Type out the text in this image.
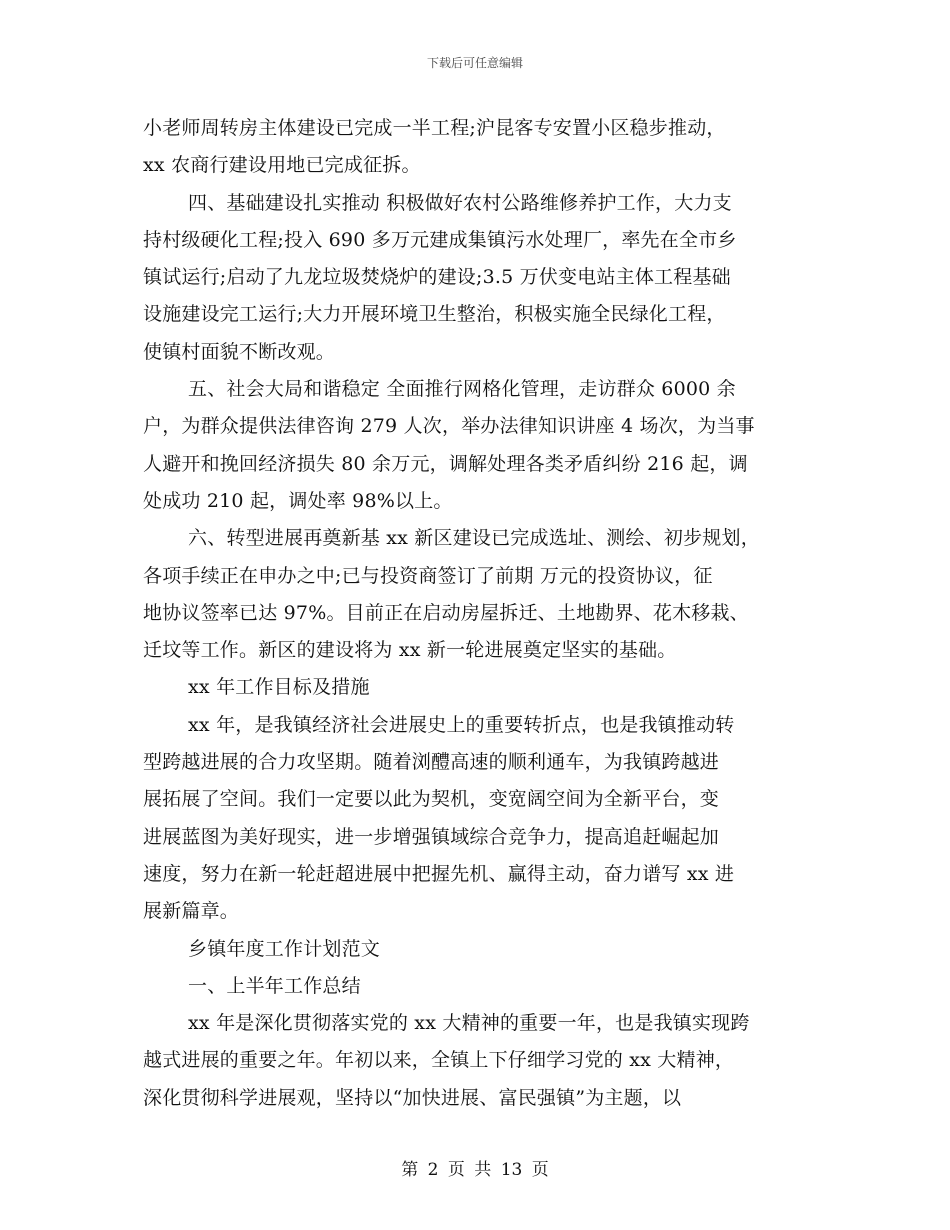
下载后可任意编辑
小老师周转房主体建设已完成一半工程;沪昆客专安置小区稳步推动，
xx 农商行建设用地已完成征拆。
四、基础建设扎实推动 积极做好农村公路维修养护工作，大力支
持村级硬化工程;投入 690 多万元建成集镇污水处理厂，率先在全市乡
镇试运行;启动了九龙垃圾焚烧炉的建设;3.5 万伏变电站主体工程基础
设施建设完工运行;大力开展环境卫生整治，积极实施全民绿化工程，
使镇村面貌不断改观。
五、社会大局和谐稳定 全面推行网格化管理，走访群众 6000 余
户，为群众提供法律咨询 279 人次，举办法律知识讲座 4 场次，为当事
人避开和挽回经济损失 80 余万元，调解处理各类矛盾纠纷 216 起，调
处成功 210 起，调处率 98%以上。
六、转型进展再奠新基 xx 新区建设已完成选址、测绘、初步规划，
各项手续正在申办之中;已与投资商签订了前期 万元的投资协议，征
地协议签率已达 97%。目前正在启动房屋拆迁、土地勘界、花木移栽、
迁坟等工作。新区的建设将为 xx 新一轮进展奠定坚实的基础。
xx 年工作目标及措施
xx 年，是我镇经济社会进展史上的重要转折点，也是我镇推动转
型跨越进展的合力攻坚期。随着浏醴高速的顺利通车，为我镇跨越进
展拓展了空间。我们一定要以此为契机，变宽阔空间为全新平台，变
进展蓝图为美好现实，进一步增强镇域综合竞争力，提高追赶崛起加
速度，努力在新一轮赶超进展中把握先机、赢得主动，奋力谱写 xx 进
展新篇章。
乡镇年度工作计划范文
一、上半年工作总结
xx 年是深化贯彻落实党的 xx 大精神的重要一年，也是我镇实现跨
越式进展的重要之年。年初以来，全镇上下仔细学习党的 xx 大精神，
深化贯彻科学进展观，坚持以“加快进展、富民强镇”为主题，以
第 2 页 共 13 页
